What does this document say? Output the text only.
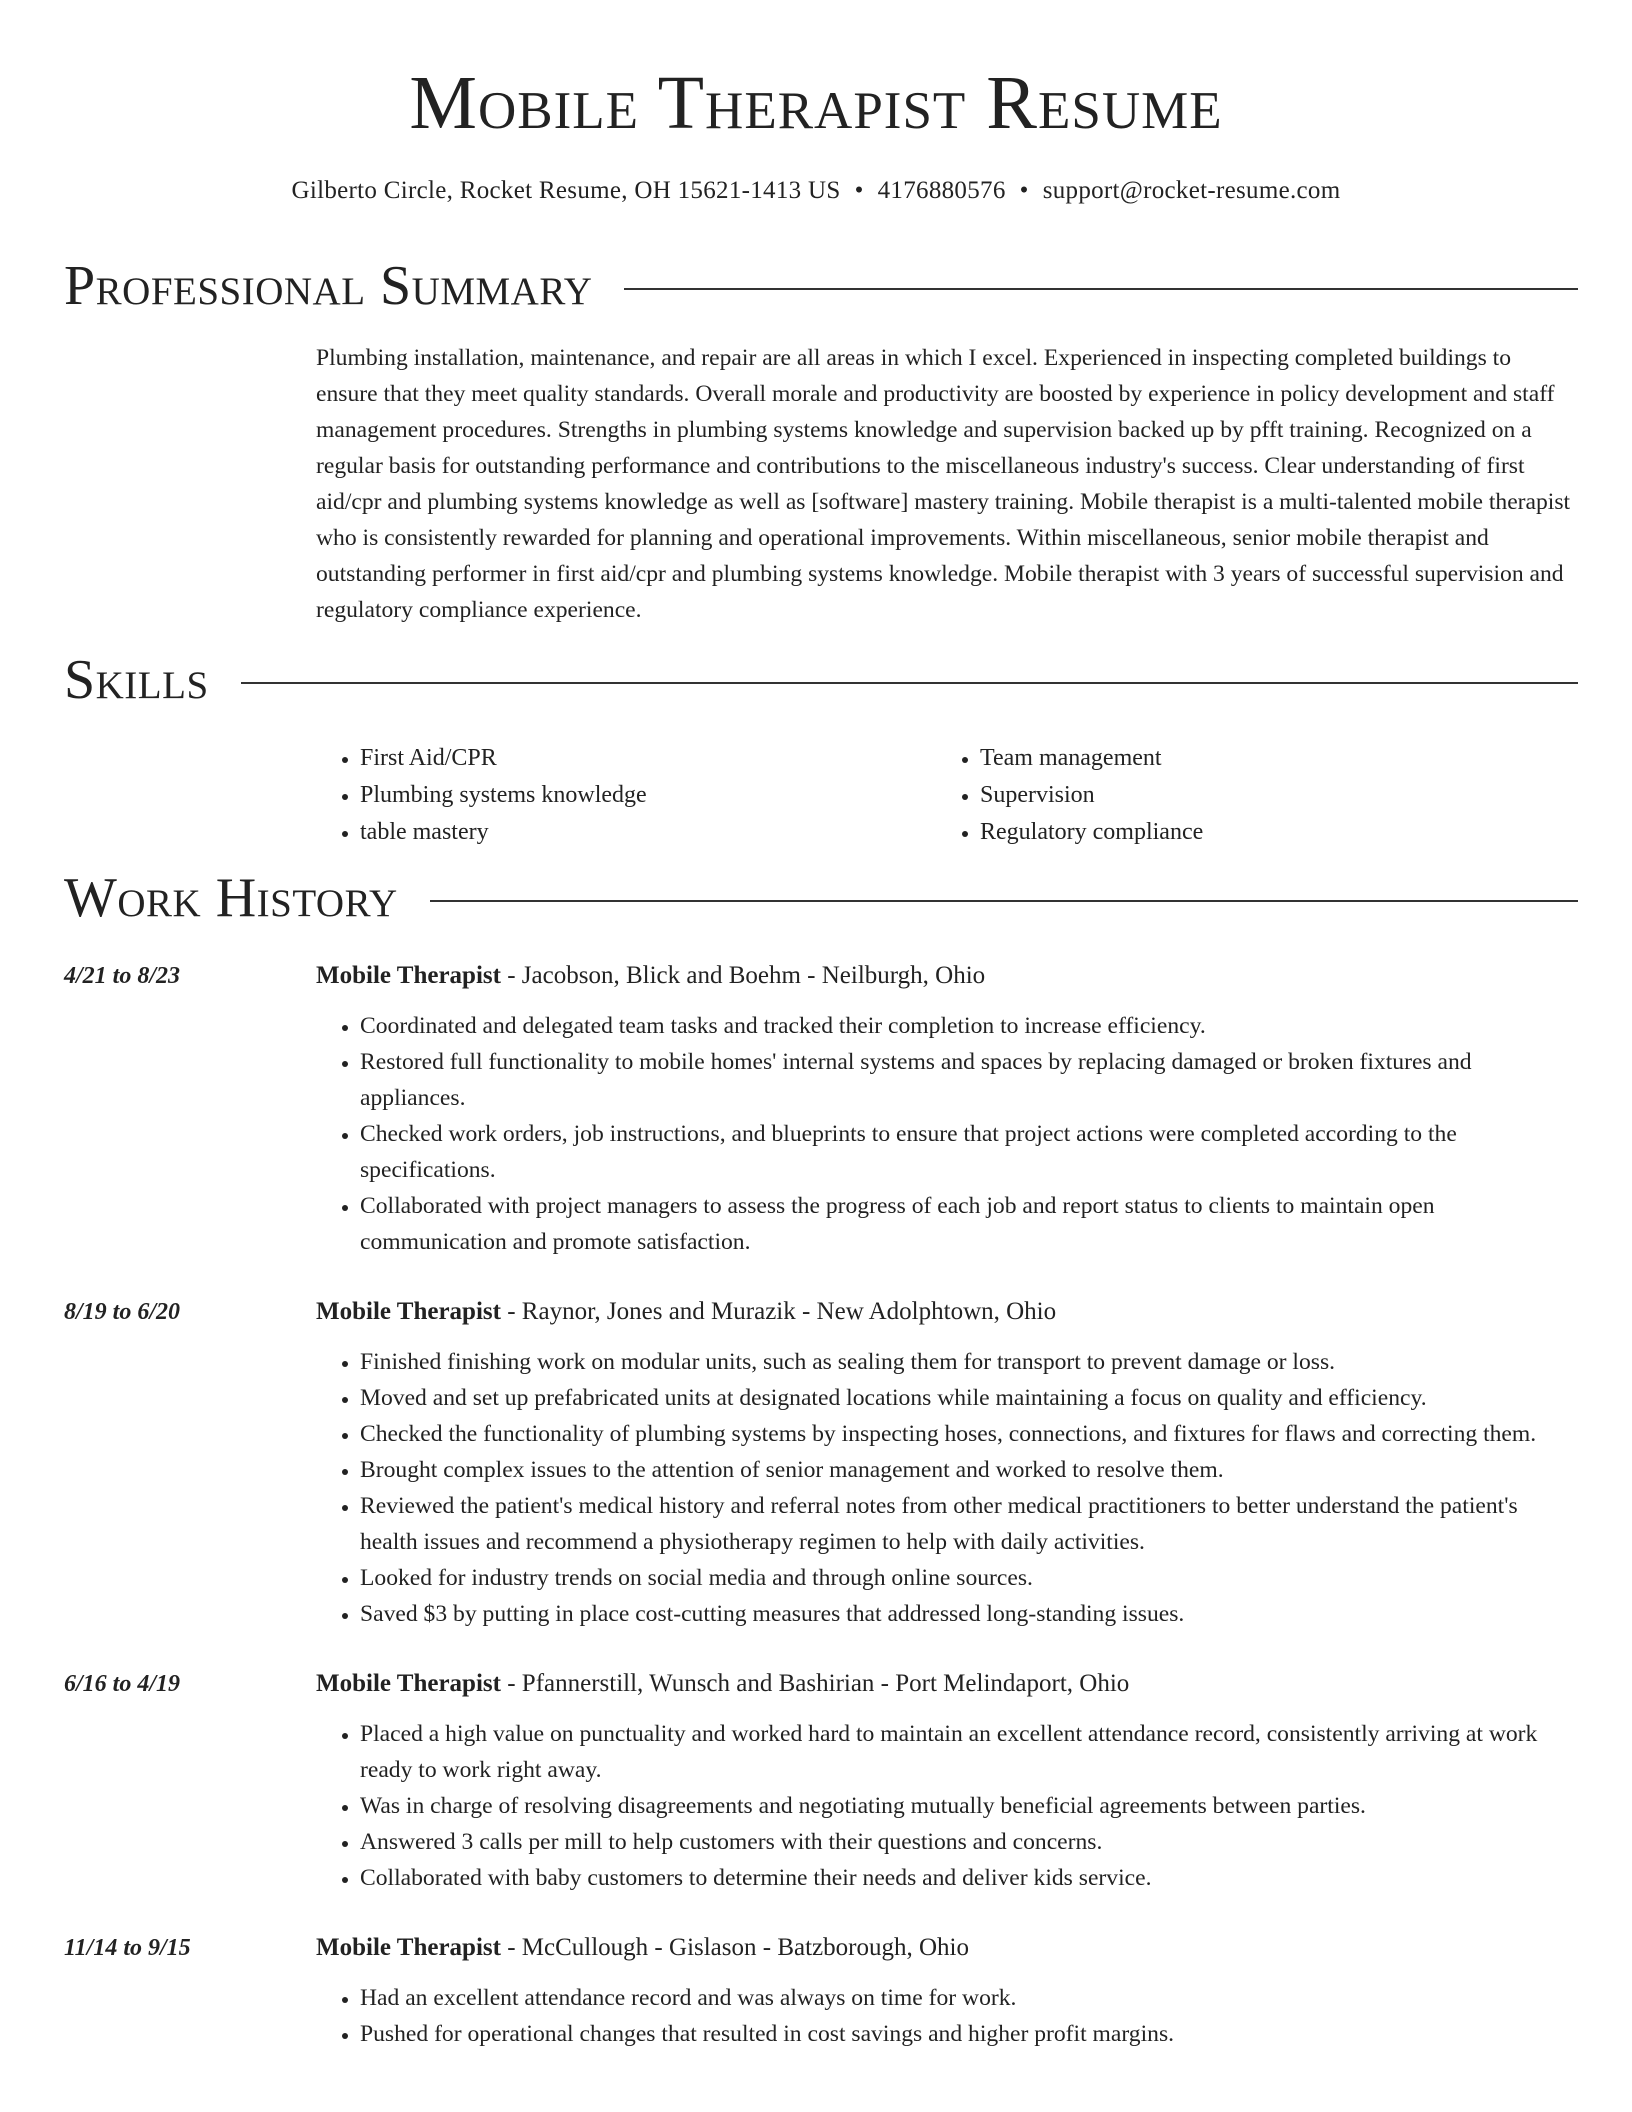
Mobile Therapist Resume
Gilberto Circle, Rocket Resume, OH 15621-1413 US • 4176880576 • support@rocket-resume.com
Professional Summary

Plumbing installation, maintenance, and repair are all areas in which I excel. Experienced in inspecting completed buildings to ensure that they meet quality standards. Overall morale and productivity are boosted by experience in policy development and staff management procedures. Strengths in plumbing systems knowledge and supervision backed up by pfft training. Recognized on a regular basis for outstanding performance and contributions to the miscellaneous industry's success. Clear understanding of first aid/cpr and plumbing systems knowledge as well as [software] mastery training. Mobile therapist is a multi-talented mobile therapist who is consistently rewarded for planning and operational improvements. Within miscellaneous, senior mobile therapist and outstanding performer in first aid/cpr and plumbing systems knowledge. Mobile therapist with 3 years of successful supervision and regulatory compliance experience.

Skills
• First Aid/CPR
• Plumbing systems knowledge
• table mastery
• Team management
• Supervision
• Regulatory compliance
Work History
4/21 to 8/23	Mobile Therapist - Jacobson, Blick and Boehm - Neilburgh, Ohio
• Coordinated and delegated team tasks and tracked their completion to increase efficiency.
• Restored full functionality to mobile homes' internal systems and spaces by replacing damaged or broken fixtures and appliances.
• Checked work orders, job instructions, and blueprints to ensure that project actions were completed according to the specifications.
• Collaborated with project managers to assess the progress of each job and report status to clients to maintain open communication and promote satisfaction.
8/19 to 6/20	Mobile Therapist - Raynor, Jones and Murazik - New Adolphtown, Ohio
• Finished finishing work on modular units, such as sealing them for transport to prevent damage or loss.
• Moved and set up prefabricated units at designated locations while maintaining a focus on quality and efficiency.
• Checked the functionality of plumbing systems by inspecting hoses, connections, and fixtures for flaws and correcting them.
• Brought complex issues to the attention of senior management and worked to resolve them.
• Reviewed the patient's medical history and referral notes from other medical practitioners to better understand the patient's health issues and recommend a physiotherapy regimen to help with daily activities.
• Looked for industry trends on social media and through online sources.
• Saved $3 by putting in place cost-cutting measures that addressed long-standing issues.
6/16 to 4/19	Mobile Therapist - Pfannerstill, Wunsch and Bashirian - Port Melindaport, Ohio
• Placed a high value on punctuality and worked hard to maintain an excellent attendance record, consistently arriving at work ready to work right away.
• Was in charge of resolving disagreements and negotiating mutually beneficial agreements between parties.
• Answered 3 calls per mill to help customers with their questions and concerns.
• Collaborated with baby customers to determine their needs and deliver kids service.
11/14 to 9/15	Mobile Therapist - McCullough - Gislason - Batzborough, Ohio
• Had an excellent attendance record and was always on time for work.
• Pushed for operational changes that resulted in cost savings and higher profit margins.
